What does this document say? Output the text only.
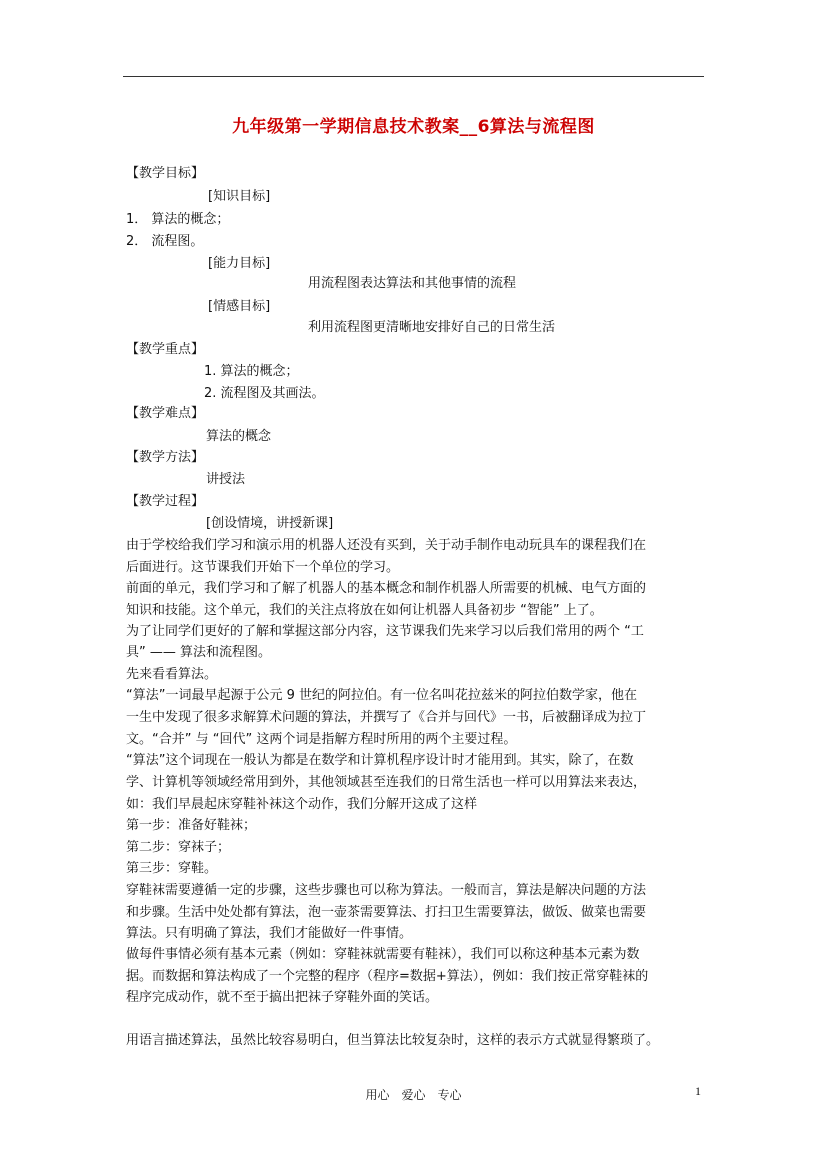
九年级第一学期信息技术教案__6算法与流程图
【教学目标】
[知识目标]
1． 算法的概念；
2． 流程图。
[能力目标]
用流程图表达算法和其他事情的流程
[情感目标]
利用流程图更清晰地安排好自己的日常生活
【教学重点】
1. 算法的概念；
2. 流程图及其画法。
【教学难点】
算法的概念
【教学方法】
讲授法
【教学过程】
[创设情境，讲授新课]
由于学校给我们学习和演示用的机器人还没有买到，关于动手制作电动玩具车的课程我们在
后面进行。这节课我们开始下一个单位的学习。
前面的单元，我们学习和了解了机器人的基本概念和制作机器人所需要的机械、电气方面的
知识和技能。这个单元，我们的关注点将放在如何让机器人具备初步 “智能” 上了。
为了让同学们更好的了解和掌握这部分内容，这节课我们先来学习以后我们常用的两个 “工
具” —— 算法和流程图。
先来看看算法。
“算法”一词最早起源于公元 9 世纪的阿拉伯。有一位名叫花拉兹米的阿拉伯数学家，他在
一生中发现了很多求解算术问题的算法，并撰写了《合并与回代》一书，后被翻译成为拉丁
文。“合并” 与 “回代” 这两个词是指解方程时所用的两个主要过程。
“算法”这个词现在一般认为都是在数学和计算机程序设计时才能用到。其实，除了，在数
学、计算机等领域经常用到外，其他领域甚至连我们的日常生活也一样可以用算法来表达，
如：我们早晨起床穿鞋补袜这个动作，我们分解开这成了这样
第一步：准备好鞋袜；
第二步：穿袜子；
第三步：穿鞋。
穿鞋袜需要遵循一定的步骤，这些步骤也可以称为算法。一般而言，算法是解决问题的方法
和步骤。生活中处处都有算法，泡一壶茶需要算法、打扫卫生需要算法，做饭、做菜也需要
算法。只有明确了算法，我们才能做好一件事情。
做每件事情必须有基本元素（例如：穿鞋袜就需要有鞋袜），我们可以称这种基本元素为数
据。而数据和算法构成了一个完整的程序（程序=数据+算法），例如：我们按正常穿鞋袜的
程序完成动作，就不至于搞出把袜子穿鞋外面的笑话。
用语言描述算法，虽然比较容易明白，但当算法比较复杂时，这样的表示方式就显得繁琐了。
用心　爱心　专心	1
